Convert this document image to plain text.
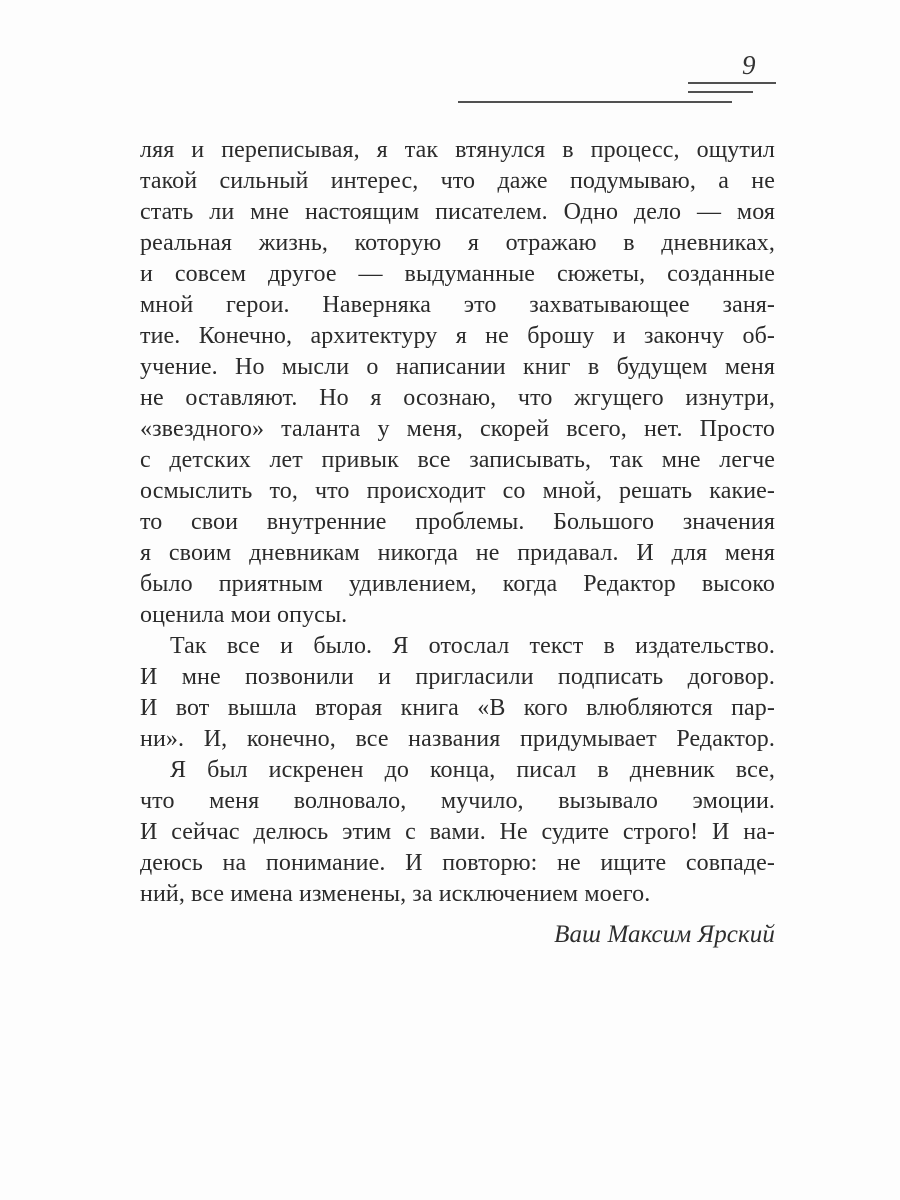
9
ляя и переписывая, я так втянулся в процесс, ощутил
такой сильный интерес, что даже подумываю, а не
стать ли мне настоящим писателем. Одно дело — моя
реальная жизнь, которую я отражаю в дневниках,
и совсем другое — выдуманные сюжеты, созданные
мной герои. Наверняка это захватывающее заня-
тие. Конечно, архитектуру я не брошу и закончу об-
учение. Но мысли о написании книг в будущем меня
не оставляют. Но я осознаю, что жгущего изнутри,
«звездного» таланта у меня, скорей всего, нет. Просто
с детских лет привык все записывать, так мне легче
осмыслить то, что происходит со мной, решать какие-
то свои внутренние проблемы. Большого значения
я своим дневникам никогда не придавал. И для меня
было приятным удивлением, когда Редактор высоко
оценила мои опусы.
Так все и было. Я отослал текст в издательство.
И мне позвонили и пригласили подписать договор.
И вот вышла вторая книга «В кого влюбляются пар-
ни». И, конечно, все названия придумывает Редактор.
Я был искренен до конца, писал в дневник все,
что меня волновало, мучило, вызывало эмоции.
И сейчас делюсь этим с вами. Не судите строго! И на-
деюсь на понимание. И повторю: не ищите совпаде-
ний, все имена изменены, за исключением моего.
Ваш Максим Ярский
